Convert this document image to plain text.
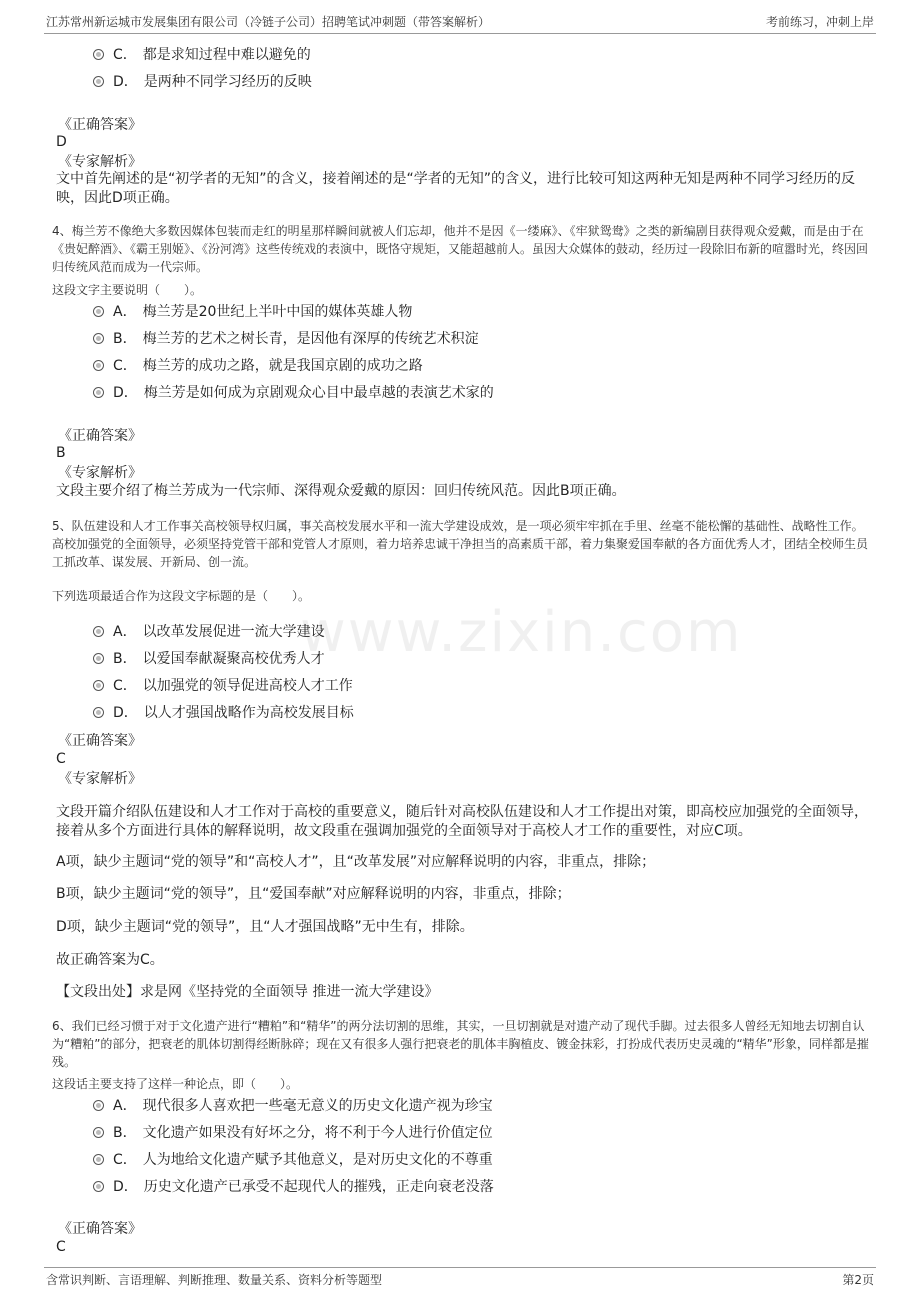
江苏常州新运城市发展集团有限公司（冷链子公司）招聘笔试冲刺题（带答案解析）	考前练习，冲刺上岸
www.zixin.com
C． 都是求知过程中难以避免的
D． 是两种不同学习经历的反映
《正确答案》
D
《专家解析》
文中首先阐述的是“初学者的无知”的含义，接着阐述的是“学者的无知”的含义，进行比较可知这两种无知是两种不同学习经历的反映，因此D项正确。
4、梅兰芳不像绝大多数因媒体包装而走红的明星那样瞬间就被人们忘却，他并不是因《一缕麻》、《牢狱鸳鸯》之类的新编剧目获得观众爱戴，而是由于在《贵妃醉酒》、《霸王别姬》、《汾河湾》这些传统戏的表演中，既恪守规矩，又能超越前人。虽因大众媒体的鼓动，经历过一段除旧布新的喧嚣时光，终因回归传统风范而成为一代宗师。
这段文字主要说明（　　）。
A． 梅兰芳是20世纪上半叶中国的媒体英雄人物
B． 梅兰芳的艺术之树长青，是因他有深厚的传统艺术积淀
C． 梅兰芳的成功之路，就是我国京剧的成功之路
D． 梅兰芳是如何成为京剧观众心目中最卓越的表演艺术家的
《正确答案》
B
《专家解析》
文段主要介绍了梅兰芳成为一代宗师、深得观众爱戴的原因：回归传统风范。因此B项正确。
5、队伍建设和人才工作事关高校领导权归属，事关高校发展水平和一流大学建设成效，是一项必须牢牢抓在手里、丝毫不能松懈的基础性、战略性工作。高校加强党的全面领导，必须坚持党管干部和党管人才原则，着力培养忠诚干净担当的高素质干部，着力集聚爱国奉献的各方面优秀人才，团结全校师生员工抓改革、谋发展、开新局、创一流。
下列选项最适合作为这段文字标题的是（　　）。
A． 以改革发展促进一流大学建设
B． 以爱国奉献凝聚高校优秀人才
C． 以加强党的领导促进高校人才工作
D． 以人才强国战略作为高校发展目标
《正确答案》
C
《专家解析》
文段开篇介绍队伍建设和人才工作对于高校的重要意义，随后针对高校队伍建设和人才工作提出对策，即高校应加强党的全面领导，接着从多个方面进行具体的解释说明，故文段重在强调加强党的全面领导对于高校人才工作的重要性，对应C项。
A项，缺少主题词“党的领导”和“高校人才”，且“改革发展”对应解释说明的内容，非重点，排除；
B项，缺少主题词“党的领导”，且“爱国奉献”对应解释说明的内容，非重点，排除；
D项，缺少主题词“党的领导”，且“人才强国战略”无中生有，排除。
故正确答案为C。
【文段出处】求是网《坚持党的全面领导 推进一流大学建设》
6、我们已经习惯于对于文化遗产进行“糟粕”和“精华”的两分法切割的思维，其实，一旦切割就是对遗产动了现代手脚。过去很多人曾经无知地去切割自认为“糟粕”的部分，把衰老的肌体切割得经断脉碎；现在又有很多人强行把衰老的肌体丰胸植皮、镀金抹彩，打扮成代表历史灵魂的“精华”形象，同样都是摧残。
这段话主要支持了这样一种论点，即（　　）。
A． 现代很多人喜欢把一些毫无意义的历史文化遗产视为珍宝
B． 文化遗产如果没有好坏之分，将不利于今人进行价值定位
C． 人为地给文化遗产赋予其他意义，是对历史文化的不尊重
D． 历史文化遗产已承受不起现代人的摧残，正走向衰老没落
《正确答案》
C
含常识判断、言语理解、判断推理、数量关系、资料分析等题型	第2页
